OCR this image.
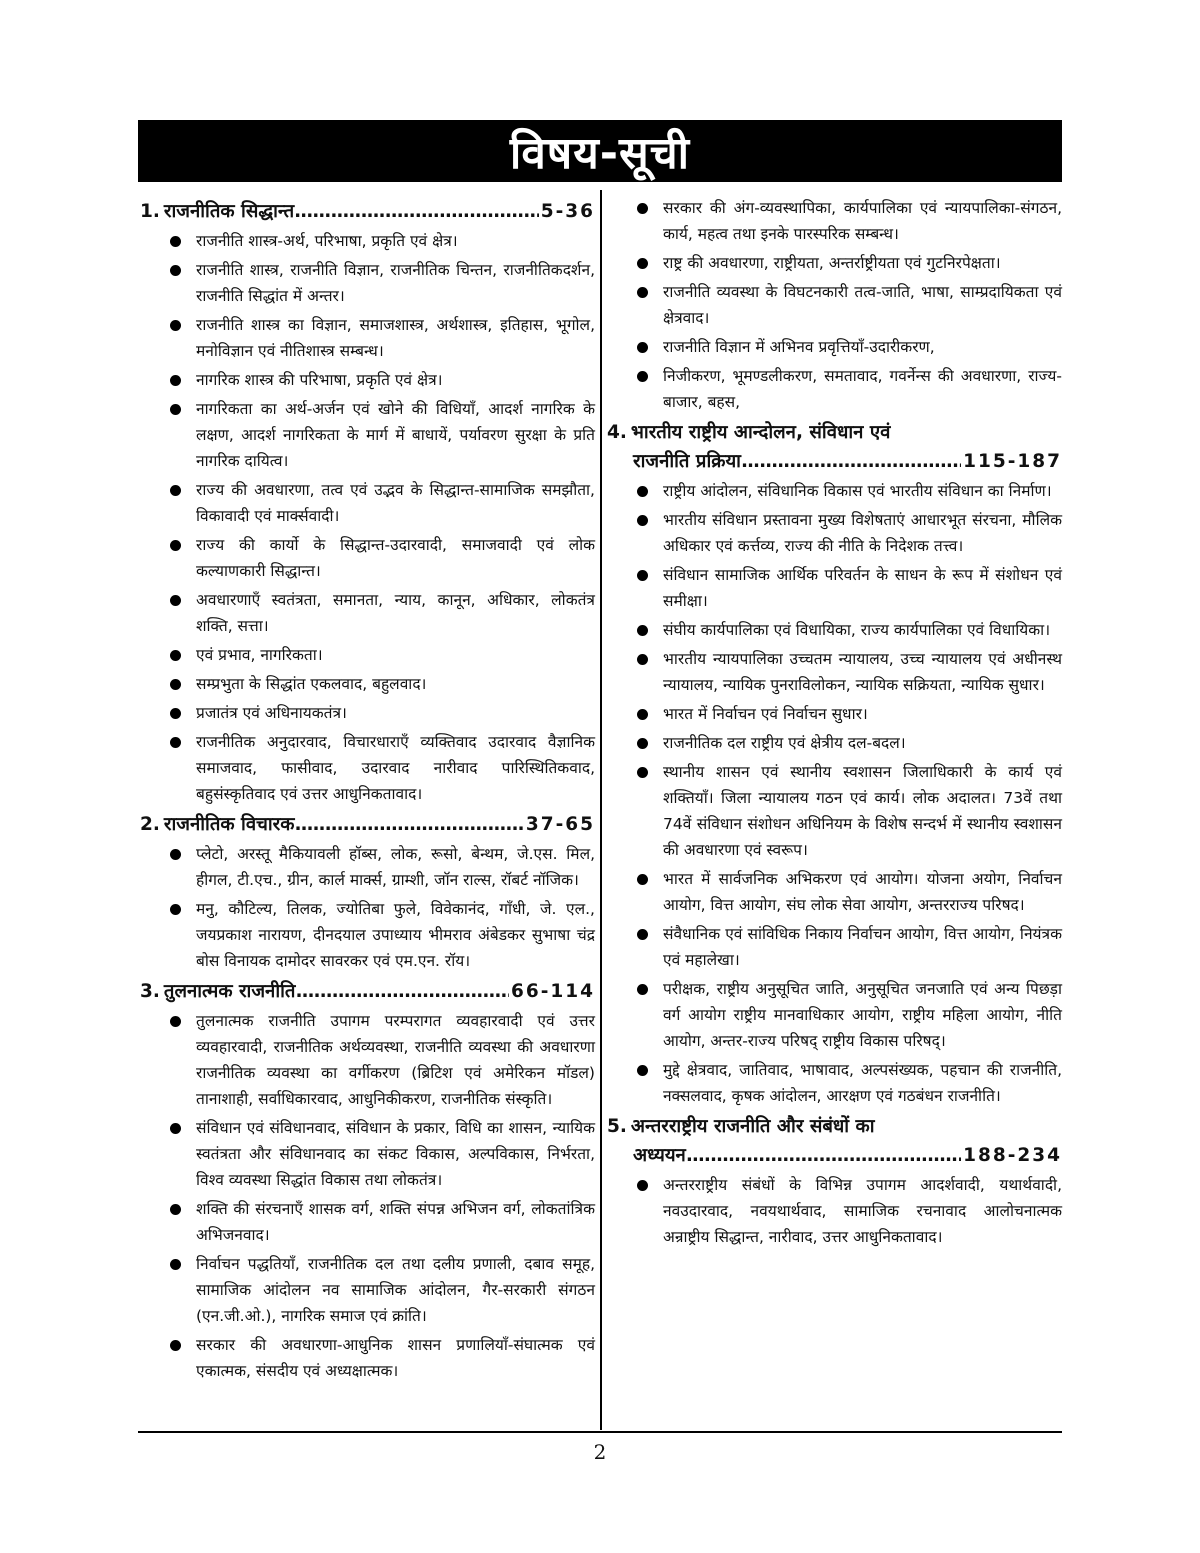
विषय-सूची
1. राजनीतिक सिद्धान्त .....	5-36
राजनीति शास्त्र-अर्थ, परिभाषा, प्रकृति एवं क्षेत्र।
राजनीति शास्त्र, राजनीति विज्ञान, राजनीतिक चिन्तन, राजनीतिकदर्शन, राजनीति सिद्धांत में अन्तर।
राजनीति शास्त्र का विज्ञान, समाजशास्त्र, अर्थशास्त्र, इतिहास, भूगोल, मनोविज्ञान एवं नीतिशास्त्र सम्बन्ध।
नागरिक शास्त्र की परिभाषा, प्रकृति एवं क्षेत्र।
नागरिकता का अर्थ-अर्जन एवं खोने की विधियाँ, आदर्श नागरिक के लक्षण, आदर्श नागरिकता के मार्ग में बाधायें, पर्यावरण सुरक्षा के प्रति नागरिक दायित्व।
राज्य की अवधारणा, तत्व एवं उद्भव के सिद्धान्त-सामाजिक समझौता, विकावादी एवं मार्क्सवादी।
राज्य की कार्यो के सिद्धान्त-उदारवादी, समाजवादी एवं लोक कल्याणकारी सिद्धान्त।
अवधारणाएँ स्वतंत्रता, समानता, न्याय, कानून, अधिकार, लोकतंत्र शक्ति, सत्ता।
एवं प्रभाव, नागरिकता।
सम्प्रभुता के सिद्धांत एकलवाद, बहुलवाद।
प्रजातंत्र एवं अधिनायकतंत्र।
राजनीतिक अनुदारवाद, विचारधाराएँ व्यक्तिवाद उदारवाद वैज्ञानिक समाजवाद, फासीवाद, उदारवाद नारीवाद पारिस्थितिकवाद, बहुसंस्कृतिवाद एवं उत्तर आधुनिकतावाद।
2. राजनीतिक विचारक .....	37-65
प्लेटो, अरस्तू मैकियावली हॉब्स, लोक, रूसो, बेन्थम, जे.एस. मिल, हीगल, टी.एच., ग्रीन, कार्ल मार्क्स, ग्राम्शी, जॉन राल्स, रॉबर्ट नॉजिक।
मनु, कौटिल्य, तिलक, ज्योतिबा फुले, विवेकानंद, गाँधी, जे. एल., जयप्रकाश नारायण, दीनदयाल उपाध्याय भीमराव अंबेडकर सुभाषा चंद्र बोस विनायक दामोदर सावरकर एवं एम.एन. रॉय।
3. तुलनात्मक राजनीति .....	66-114
तुलनात्मक राजनीति उपागम परम्परागत व्यवहारवादी एवं उत्तर व्यवहारवादी, राजनीतिक अर्थव्यवस्था, राजनीति व्यवस्था की अवधारणा राजनीतिक व्यवस्था का वर्गीकरण (ब्रिटिश एवं अमेरिकन मॉडल) तानाशाही, सर्वाधिकारवाद, आधुनिकीकरण, राजनीतिक संस्कृति।
संविधान एवं संविधानवाद, संविधान के प्रकार, विधि का शासन, न्यायिक स्वतंत्रता और संविधानवाद का संकट विकास, अल्पविकास, निर्भरता, विश्व व्यवस्था सिद्धांत विकास तथा लोकतंत्र।
शक्ति की संरचनाएँ शासक वर्ग, शक्ति संपन्न अभिजन वर्ग, लोकतांत्रिक अभिजनवाद।
निर्वाचन पद्धतियाँ, राजनीतिक दल तथा दलीय प्रणाली, दबाव समूह, सामाजिक आंदोलन नव सामाजिक आंदोलन, गैर-सरकारी संगठन (एन.जी.ओ.), नागरिक समाज एवं क्रांति।
सरकार की अवधारणा-आधुनिक शासन प्रणालियाँ-संघात्मक एवं एकात्मक, संसदीय एवं अध्यक्षात्मक।
सरकार की अंग-व्यवस्थापिका, कार्यपालिका एवं न्यायपालिका-संगठन, कार्य, महत्व तथा इनके पारस्परिक सम्बन्ध।
राष्ट्र की अवधारणा, राष्ट्रीयता, अन्तर्राष्ट्रीयता एवं गुटनिरपेक्षता।
राजनीति व्यवस्था के विघटनकारी तत्व-जाति, भाषा, साम्प्रदायिकता एवं क्षेत्रवाद।
राजनीति विज्ञान में अभिनव प्रवृत्तियाँ-उदारीकरण,
निजीकरण, भूमण्डलीकरण, समतावाद, गवर्नेन्स की अवधारणा, राज्य-बाजार, बहस,
4. भारतीय राष्ट्रीय आन्दोलन, संविधान एवं
राजनीति प्रक्रिया .....	115-187
राष्ट्रीय आंदोलन, संविधानिक विकास एवं भारतीय संविधान का निर्माण।
भारतीय संविधान प्रस्तावना मुख्य विशेषताएं आधारभूत संरचना, मौलिक अधिकार एवं कर्त्तव्य, राज्य की नीति के निदेशक तत्त्व।
संविधान सामाजिक आर्थिक परिवर्तन के साधन के रूप में संशोधन एवं समीक्षा।
संघीय कार्यपालिका एवं विधायिका, राज्य कार्यपालिका एवं विधायिका।
भारतीय न्यायपालिका उच्चतम न्यायालय, उच्च न्यायालय एवं अधीनस्थ न्यायालय, न्यायिक पुनराविलोकन, न्यायिक सक्रियता, न्यायिक सुधार।
भारत में निर्वाचन एवं निर्वाचन सुधार।
राजनीतिक दल राष्ट्रीय एवं क्षेत्रीय दल-बदल।
स्थानीय शासन एवं स्थानीय स्वशासन जिलाधिकारी के कार्य एवं शक्तियाँ। जिला न्यायालय गठन एवं कार्य। लोक अदालत। 73वें तथा 74वें संविधान संशोधन अधिनियम के विशेष सन्दर्भ में स्थानीय स्वशासन की अवधारणा एवं स्वरूप।
भारत में सार्वजनिक अभिकरण एवं आयोग। योजना अयोग, निर्वाचन आयोग, वित्त आयोग, संघ लोक सेवा आयोग, अन्तरराज्य परिषद।
संवैधानिक एवं सांविधिक निकाय निर्वाचन आयोग, वित्त आयोग, नियंत्रक एवं महालेखा।
परीक्षक, राष्ट्रीय अनुसूचित जाति, अनुसूचित जनजाति एवं अन्य पिछड़ा वर्ग आयोग राष्ट्रीय मानवाधिकार आयोग, राष्ट्रीय महिला आयोग, नीति आयोग, अन्तर-राज्य परिषद् राष्ट्रीय विकास परिषद्।
मुद्दे क्षेत्रवाद, जातिवाद, भाषावाद, अल्पसंख्यक, पहचान की राजनीति, नक्सलवाद, कृषक आंदोलन, आरक्षण एवं गठबंधन राजनीति।
5. अन्तरराष्ट्रीय राजनीति और संबंधों का
अध्ययन .....	188-234
अन्तरराष्ट्रीय संबंधों के विभिन्न उपागम आदर्शवादी, यथार्थवादी, नवउदारवाद, नवयथार्थवाद, सामाजिक रचनावाद आलोचनात्मक अन्राष्ट्रीय सिद्धान्त, नारीवाद, उत्तर आधुनिकतावाद।
2
